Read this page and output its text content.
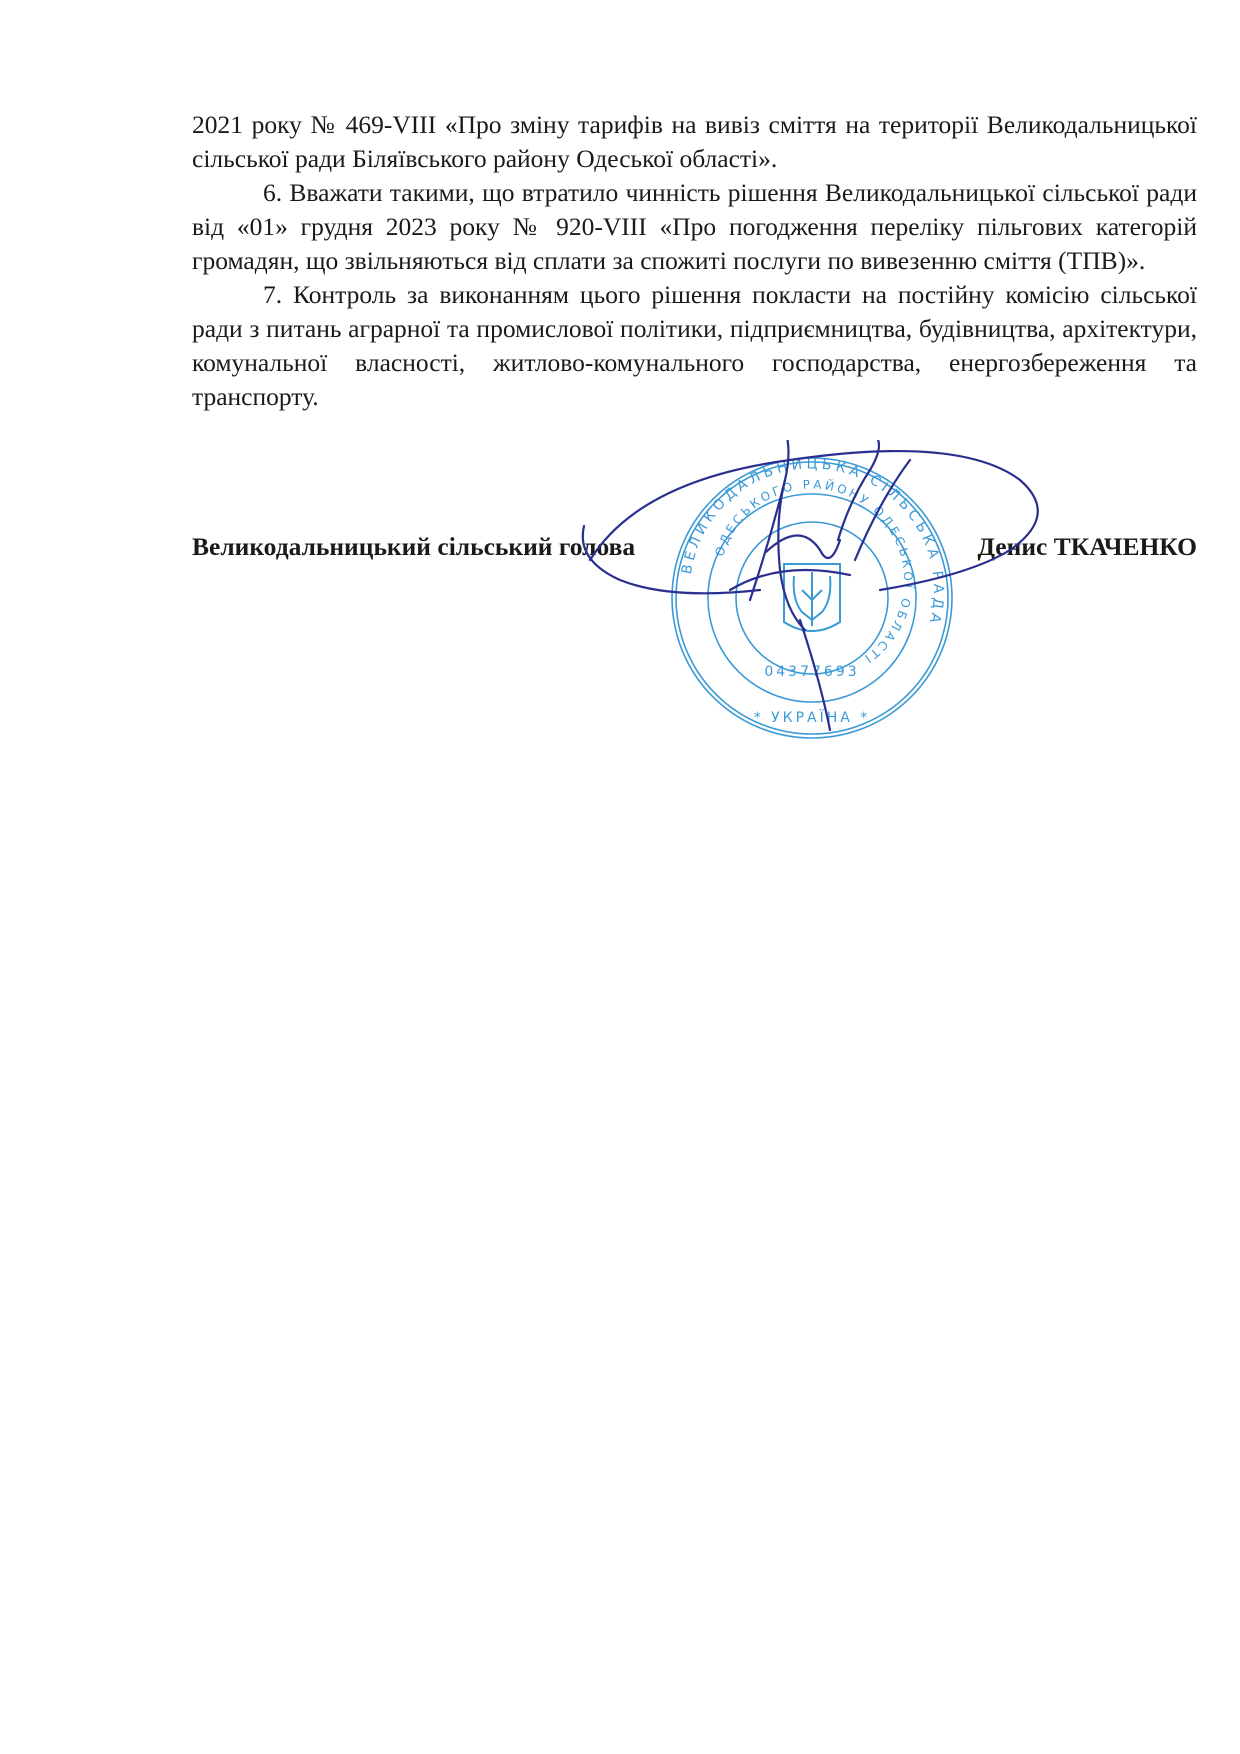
2021 року № 469-VIII «Про зміну тарифів на вивіз сміття на території Великодальницької сільської ради Біляївського району Одеської області».

6. Вважати такими, що втратило чинність рішення Великодальницької сільської ради від «01» грудня 2023 року № 920-VIII «Про погодження переліку пільгових категорій громадян, що звільняються від сплати за спожиті послуги по вивезенню сміття (ТПВ)».

7. Контроль за виконанням цього рішення покласти на постійну комісію сільської ради з питань аграрної та промислової політики, підприємництва, будівництва, архітектури, комунальної власності, житлово-комунального господарства, енергозбереження та транспорту.

Великодальницький сільський голова	Денис ТКАЧЕНКО
ВЕЛИКОДАЛЬНИЦЬКА СІЛЬСЬКА РАДА
ОДЕСЬКОГО РАЙОНУ ОДЕСЬКОЇ ОБЛАСТІ
04377693
* УКРАЇНА *
